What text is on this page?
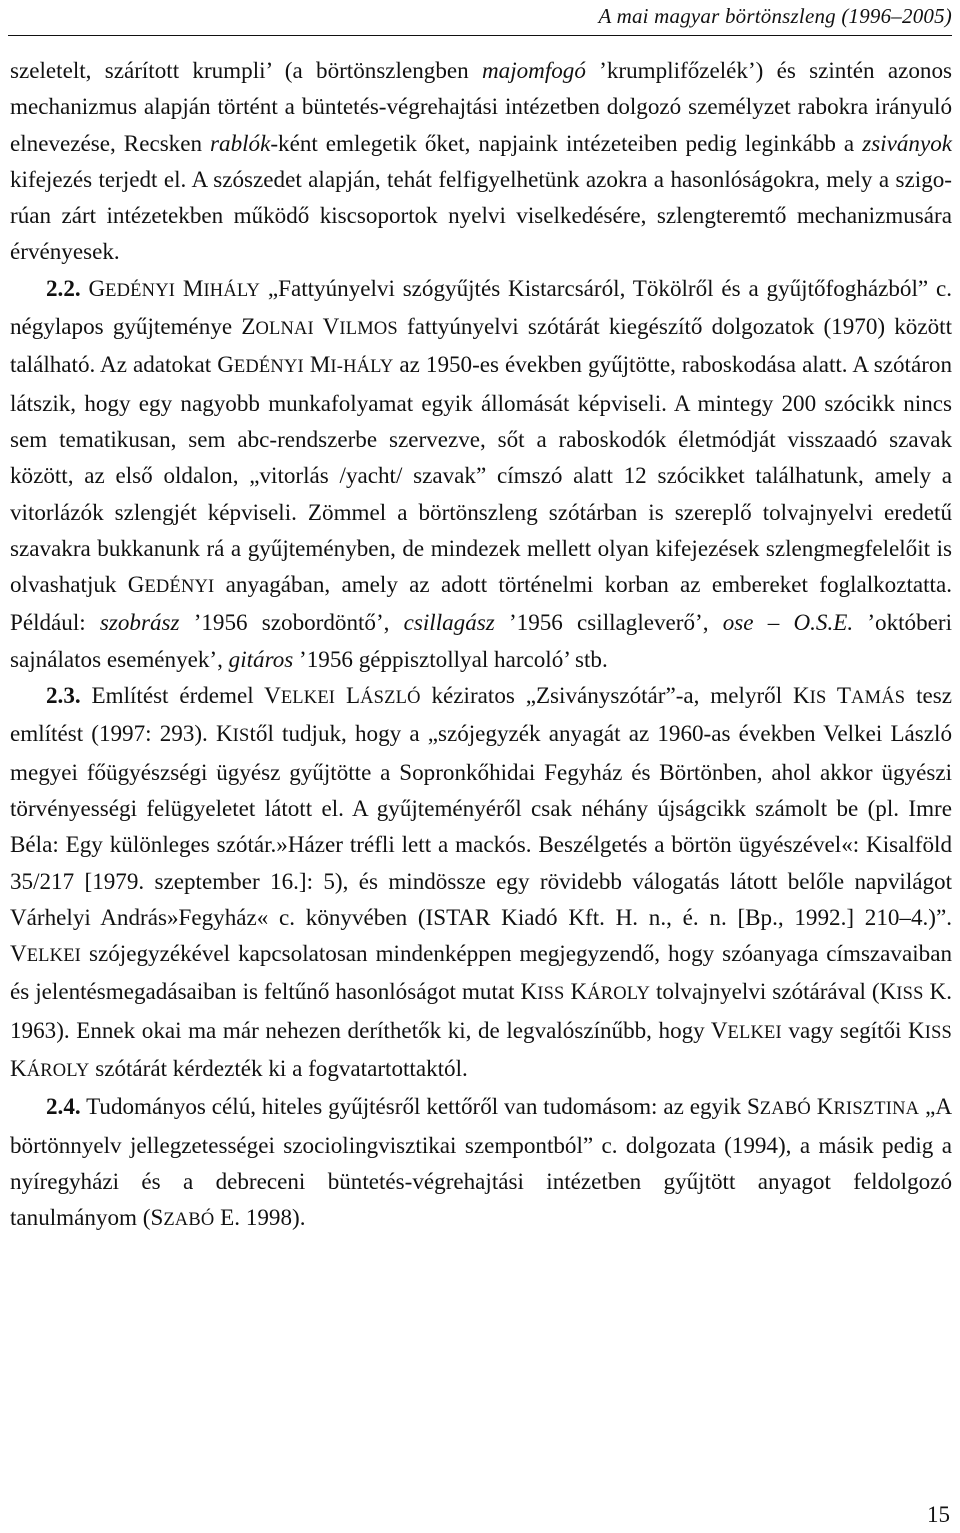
A mai magyar börtönszleng (1996–2005)

szeletelt, szárított krumpli’ (a börtönszlengben majomfogó ’krumplifőzelék’) és szintén azonos mechanizmus alapján történt a büntetés-végrehajtási intézetben dolgozó személyzet rabokra irányuló elnevezése, Recsken rablók-ként emlegetik őket, napjaink intézeteiben pedig leginkább a zsiványok kifejezés terjedt el. A szószedet alapján, tehát felfigyelhetünk azokra a hasonlóságokra, mely a szigorúan zárt intézetekben működő kiscsoportok nyelvi viselkedésére, szlengteremtő mechanizmusára érvényesek.

2.2. GEDÉNYI MIHÁLY „Fattyúnyelvi szógyűjtés Kistarcsáról, Tökölről és a gyűjtőfogházból” c. négylapos gyűjteménye ZOLNAI VILMOS fattyúnyelvi szótárát kiegészítő dolgozatok (1970) között található. Az adatokat GEDÉNYI MI-​HÁLY az 1950-es években gyűjtötte, raboskodása alatt. A szótáron látszik, hogy egy nagyobb munkafolyamat egyik állomását képviseli. A mintegy 200 szócikk nincs sem tematikusan, sem abc-rendszerbe szervezve, sőt a raboskodók életmódját visszaadó szavak között, az első oldalon, „vitorlás /yacht/ szavak” címszó alatt 12 szócikket találhatunk, amely a vitorlázók szlengjét képviseli. Zömmel a börtönszleng szótárban is szereplő tolvajnyelvi eredetű szavakra bukkanunk rá a gyűjteményben, de mindezek mellett olyan kifejezések szlengmegfelelőit is olvashatjuk GEDÉNYI anyagában, amely az adott történelmi korban az embereket foglalkoztatta. Például: szobrász ’1956 szobordöntő’, csillagász ’1956 csillagleverő’, ose – O.S.E. ’októberi sajnálatos események’, gitáros ’1956 géppisztollyal harcoló’ stb.

2.3. Említést érdemel VELKEI LÁSZLÓ kéziratos „Zsiványszótár”-a, melyről KIS TAMÁS tesz említést (1997: 293). KIStől tudjuk, hogy a „szójegyzék anyagát az 1960-as években Velkei László megyei főügyészségi ügyész gyűjtötte a Sopronkőhidai Fegyház és Börtönben, ahol akkor ügyészi törvényességi felügyeletet látott el. A gyűjteményéről csak néhány újságcikk számolt be (pl. Imre Béla: Egy különleges szótár.»Házer tréfli lett a mackós. Beszélgetés a börtön ügyészével«: Kisalföld 35/217 [1979. szeptember 16.]: 5), és mindössze egy rövidebb válogatás látott belőle napvilágot Várhelyi András»Fegyház« c. könyvében (ISTAR Kiadó Kft. H. n., é. n. [Bp., 1992.] 210–4.)”. VELKEI szójegyzékével kapcsolatosan mindenképpen megjegyzendő, hogy szóanyaga címszavaiban és jelentésmegadásaiban is feltűnő hasonlóságot mutat KISS KÁROLY tolvajnyelvi szótárával (KISS K. 1963). Ennek okai ma már nehezen deríthetők ki, de legvalószínűbb, hogy VELKEI vagy segítői KISS KÁROLY szótárát kérdezték ki a fogvatartottaktól.

2.4. Tudományos célú, hiteles gyűjtésről kettőről van tudomásom: az egyik SZABÓ KRISZTINA „A börtönnyelv jellegzetességei szociolingvisztikai szempontból” c. dolgozata (1994), a másik pedig a nyíregyházi és a debreceni büntetés-végrehajtási intézetben gyűjtött anyagot feldolgozó tanulmányom (SZABÓ E. 1998).

15
